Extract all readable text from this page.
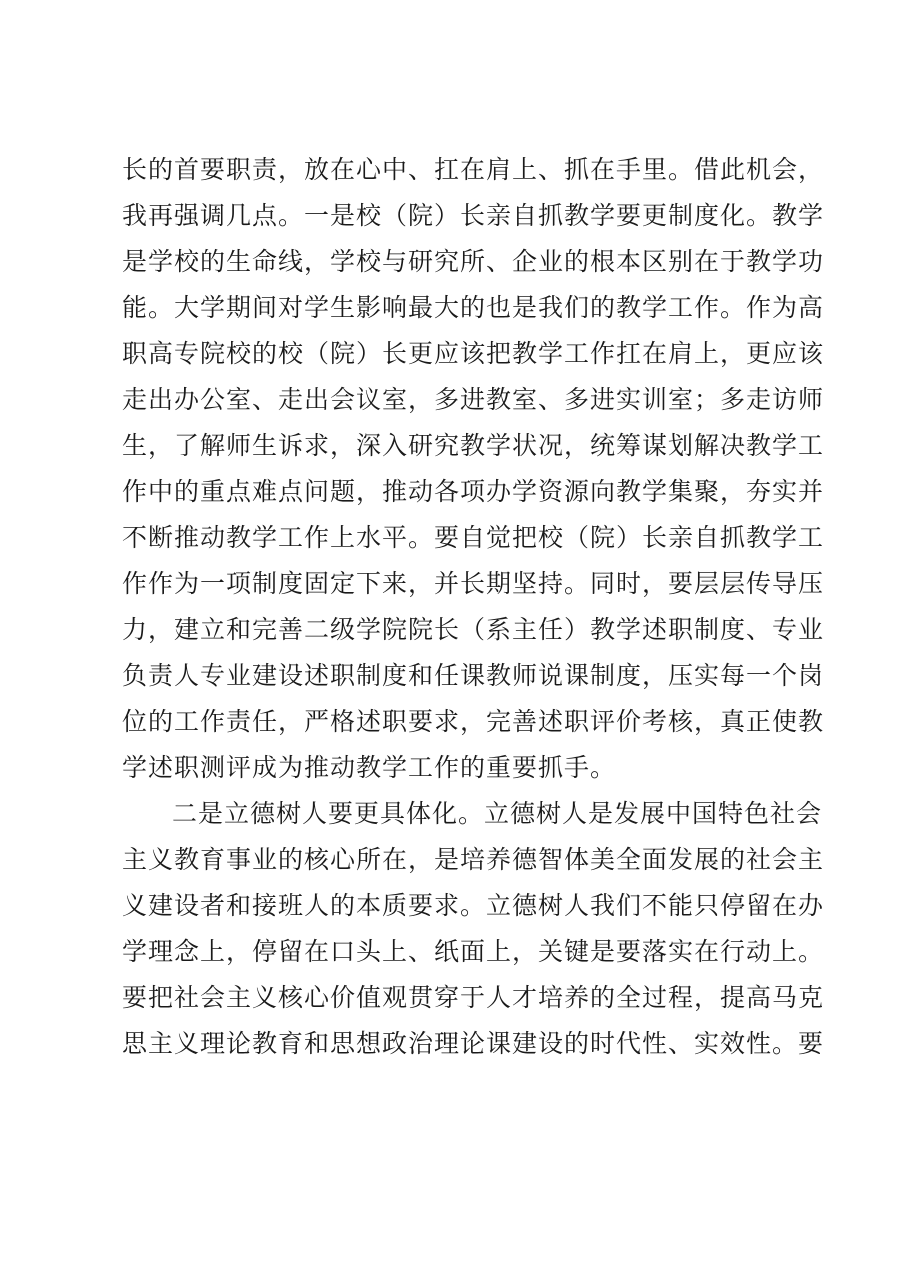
长的首要职责，放在心中、扛在肩上、抓在手里。借此机会，
我再强调几点。一是校（院）长亲自抓教学要更制度化。教学
是学校的生命线，学校与研究所、企业的根本区别在于教学功
能。大学期间对学生影响最大的也是我们的教学工作。作为高
职高专院校的校（院）长更应该把教学工作扛在肩上，更应该
走出办公室、走出会议室，多进教室、多进实训室；多走访师
生，了解师生诉求，深入研究教学状况，统筹谋划解决教学工
作中的重点难点问题，推动各项办学资源向教学集聚，夯实并
不断推动教学工作上水平。要自觉把校（院）长亲自抓教学工
作作为一项制度固定下来，并长期坚持。同时，要层层传导压
力，建立和完善二级学院院长（系主任）教学述职制度、专业
负责人专业建设述职制度和任课教师说课制度，压实每一个岗
位的工作责任，严格述职要求，完善述职评价考核，真正使教
学述职测评成为推动教学工作的重要抓手。
二是立德树人要更具体化。立德树人是发展中国特色社会
主义教育事业的核心所在，是培养德智体美全面发展的社会主
义建设者和接班人的本质要求。立德树人我们不能只停留在办
学理念上，停留在口头上、纸面上，关键是要落实在行动上。
要把社会主义核心价值观贯穿于人才培养的全过程，提高马克
思主义理论教育和思想政治理论课建设的时代性、实效性。要
